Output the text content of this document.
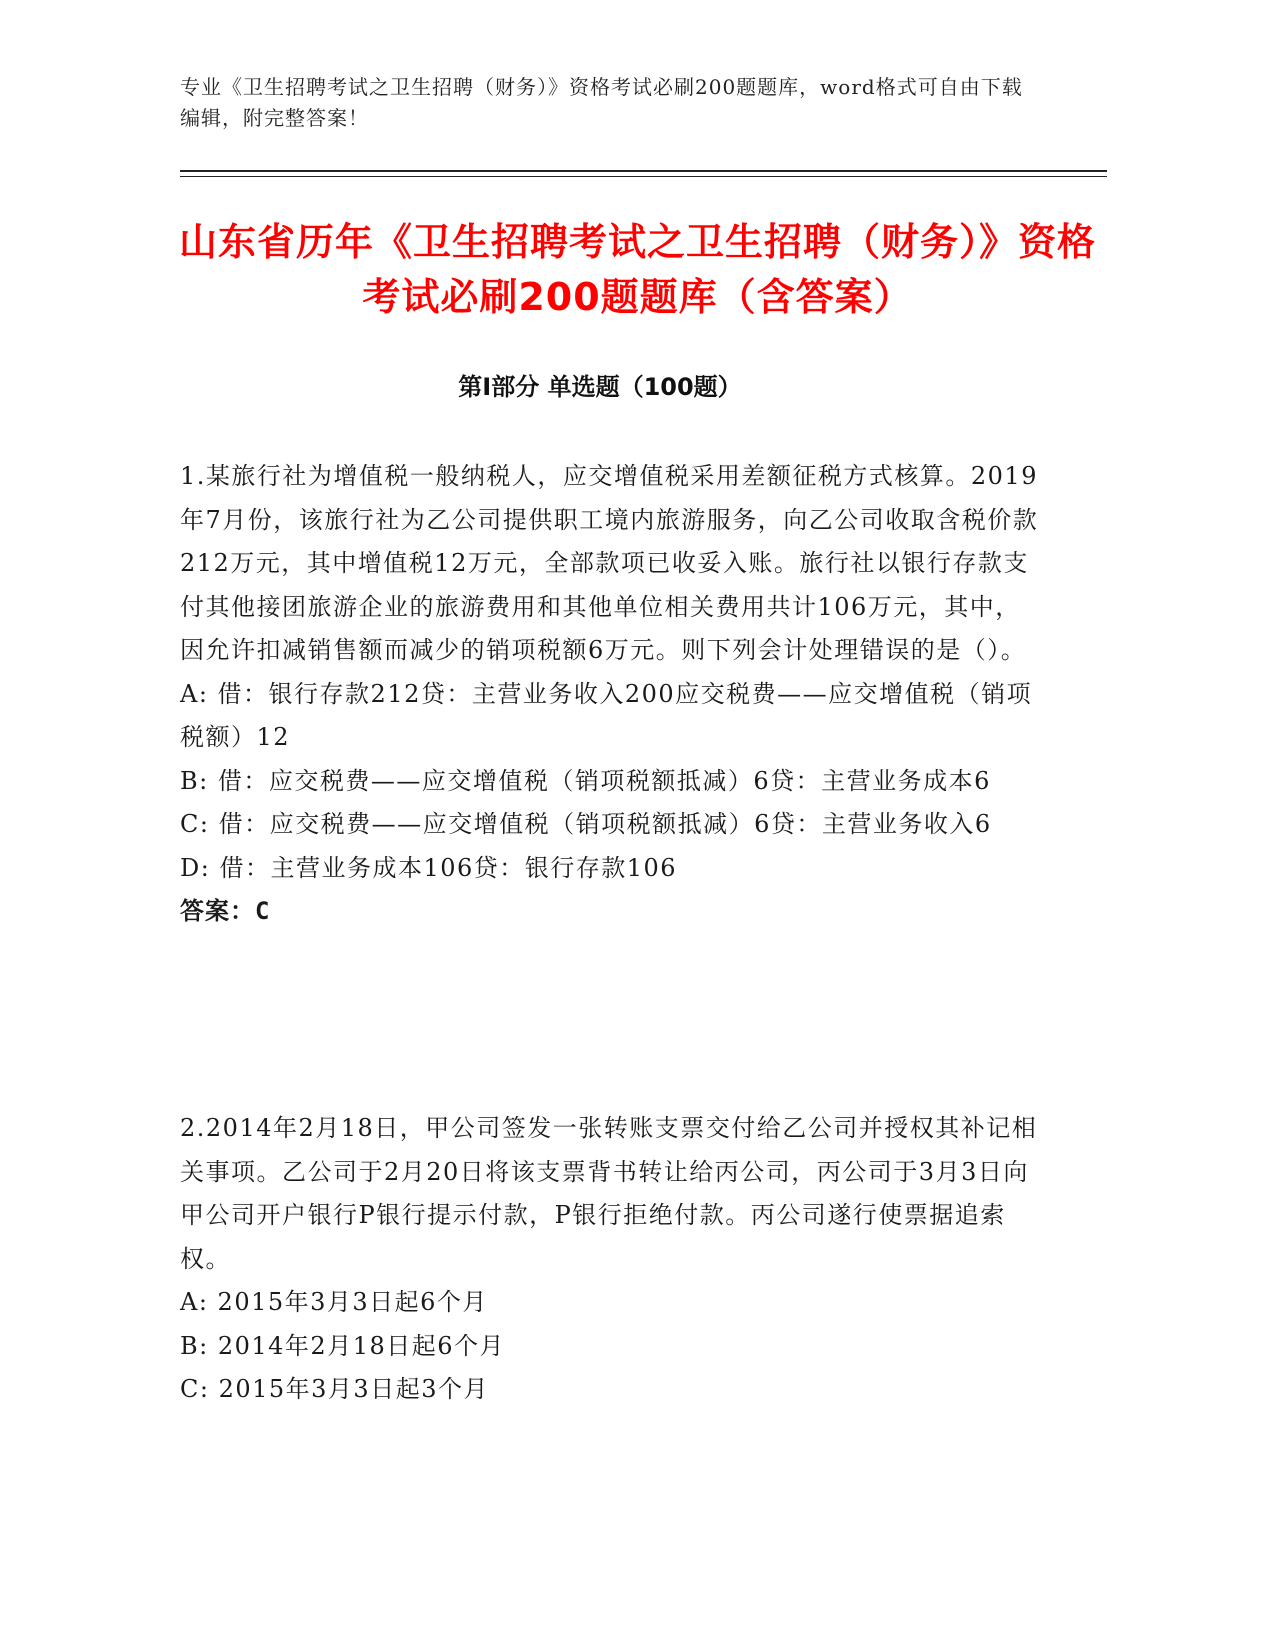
专业《卫生招聘考试之卫生招聘（财务）》资格考试必刷200题题库，word格式可自由下载编辑，附完整答案！
山东省历年《卫生招聘考试之卫生招聘（财务）》资格考试必刷200题题库（含答案）
第Ⅰ部分 单选题（100题）

1.某旅行社为增值税一般纳税人，应交增值税采用差额征税方式核算。2019年7月份，该旅行社为乙公司提供职工境内旅游服务，向乙公司收取含税价款212万元，其中增值税12万元，全部款项已收妥入账。旅行社以银行存款支付其他接团旅游企业的旅游费用和其他单位相关费用共计106万元，其中，因允许扣减销售额而减少的销项税额6万元。则下列会计处理错误的是（）。

A: 借：银行存款212贷：主营业务收入200应交税费——应交增值税（销项税额）12

B: 借：应交税费——应交增值税（销项税额抵减）6贷：主营业务成本6

C: 借：应交税费——应交增值税（销项税额抵减）6贷：主营业务收入6

D: 借：主营业务成本106贷：银行存款106

答案：C

2.2014年2月18日，甲公司签发一张转账支票交付给乙公司并授权其补记相关事项。乙公司于2月20日将该支票背书转让给丙公司，丙公司于3月3日向甲公司开户银行P银行提示付款，P银行拒绝付款。丙公司遂行使票据追索权。

A: 2015年3月3日起6个月

B: 2014年2月18日起6个月

C: 2015年3月3日起3个月
